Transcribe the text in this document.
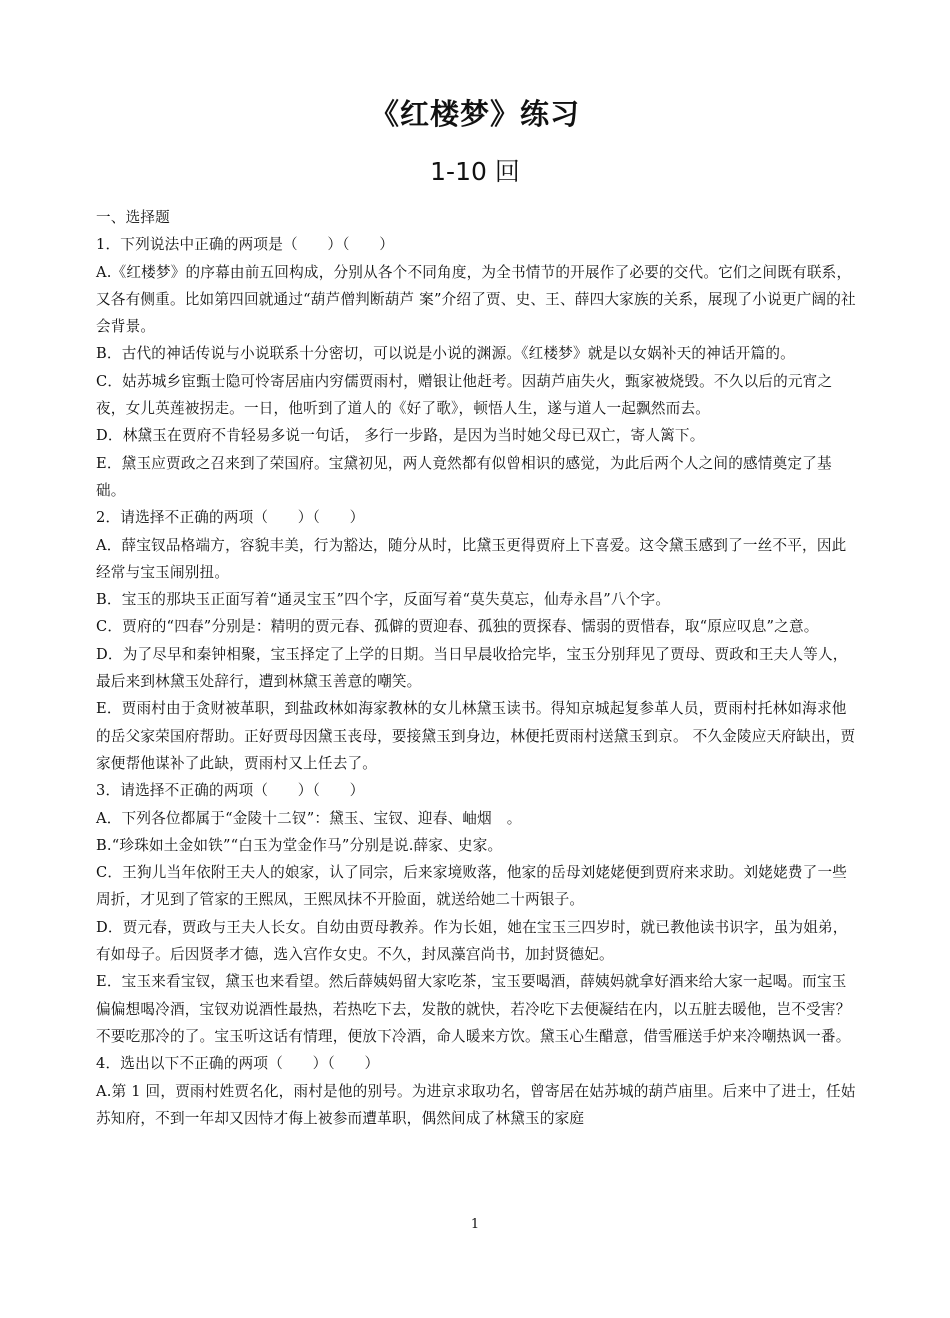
《红楼梦》练习
1-10 回

一、选择题

1．下列说法中正确的两项是（　　）（　　）

A.《红楼梦》的序幕由前五回构成，分别从各个不同角度，为全书情节的开展作了必要的交代。它们之间既有联系，又各有侧重。比如第四回就通过“葫芦僧判断葫芦 案”介绍了贾、史、王、薛四大家族的关系，展现了小说更广阔的社会背景。

B．古代的神话传说与小说联系十分密切，可以说是小说的渊源。《红楼梦》就是以女娲补天的神话开篇的。

C．姑苏城乡宦甄士隐可怜寄居庙内穷儒贾雨村，赠银让他赶考。因葫芦庙失火，甄家被烧毁。不久以后的元宵之夜，女儿英莲被拐走。一日，他听到了道人的《好了歌》，顿悟人生，遂与道人一起飘然而去。

D．林黛玉在贾府不肯轻易多说一句话， 多行一步路，是因为当时她父母已双亡，寄人篱下。

E．黛玉应贾政之召来到了荣国府。宝黛初见，两人竟然都有似曾相识的感觉，为此后两个人之间的感情奠定了基础。

2．请选择不正确的两项（　　）（　　）

A．薛宝钗品格端方，容貌丰美，行为豁达，随分从时，比黛玉更得贾府上下喜爱。这令黛玉感到了一丝不平，因此经常与宝玉闹别扭。

B．宝玉的那块玉正面写着“通灵宝玉”四个字，反面写着“莫失莫忘，仙寿永昌”八个字。

C．贾府的“四春”分别是：精明的贾元春、孤僻的贾迎春、孤独的贾探春、懦弱的贾惜春，取“原应叹息”之意。

D．为了尽早和秦钟相聚，宝玉择定了上学的日期。当日早晨收拾完毕，宝玉分别拜见了贾母、贾政和王夫人等人，最后来到林黛玉处辞行，遭到林黛玉善意的嘲笑。

E．贾雨村由于贪财被革职，到盐政林如海家教林的女儿林黛玉读书。得知京城起复参革人员，贾雨村托林如海求他的岳父家荣国府帮助。正好贾母因黛玉丧母，要接黛玉到身边，林便托贾雨村送黛玉到京。 不久金陵应天府缺出，贾家便帮他谋补了此缺，贾雨村又上任去了。

3．请选择不正确的两项（　　）（　　）

A．下列各位都属于“金陵十二钗”：黛玉、宝钗、迎春、岫烟　。

B.“珍珠如土金如铁”“白玉为堂金作马”分别是说.薛家、史家。

C．王狗儿当年依附王夫人的娘家，认了同宗，后来家境败落，他家的岳母刘姥姥便到贾府来求助。刘姥姥费了一些周折，才见到了管家的王熙凤，王熙凤抹不开脸面，就送给她二十两银子。

D．贾元春，贾政与王夫人长女。自幼由贾母教养。作为长姐，她在宝玉三四岁时，就已教他读书识字，虽为姐弟，有如母子。后因贤孝才德，选入宫作女史。不久，封凤藻宫尚书，加封贤德妃。

E．宝玉来看宝钗，黛玉也来看望。然后薛姨妈留大家吃茶，宝玉要喝酒，薛姨妈就拿好酒来给大家一起喝。而宝玉偏偏想喝冷酒，宝钗劝说酒性最热，若热吃下去，发散的就快，若冷吃下去便凝结在内，以五脏去暖他，岂不受害？不要吃那冷的了。宝玉听这话有情理，便放下冷酒，命人暖来方饮。黛玉心生醋意，借雪雁送手炉来冷嘲热讽一番。

4．选出以下不正确的两项（　　）（　　）

A.第 1 回，贾雨村姓贾名化，雨村是他的别号。为进京求取功名，曾寄居在姑苏城的葫芦庙里。后来中了进士，任姑苏知府，不到一年却又因恃才侮上被参而遭革职，偶然间成了林黛玉的家庭

1
